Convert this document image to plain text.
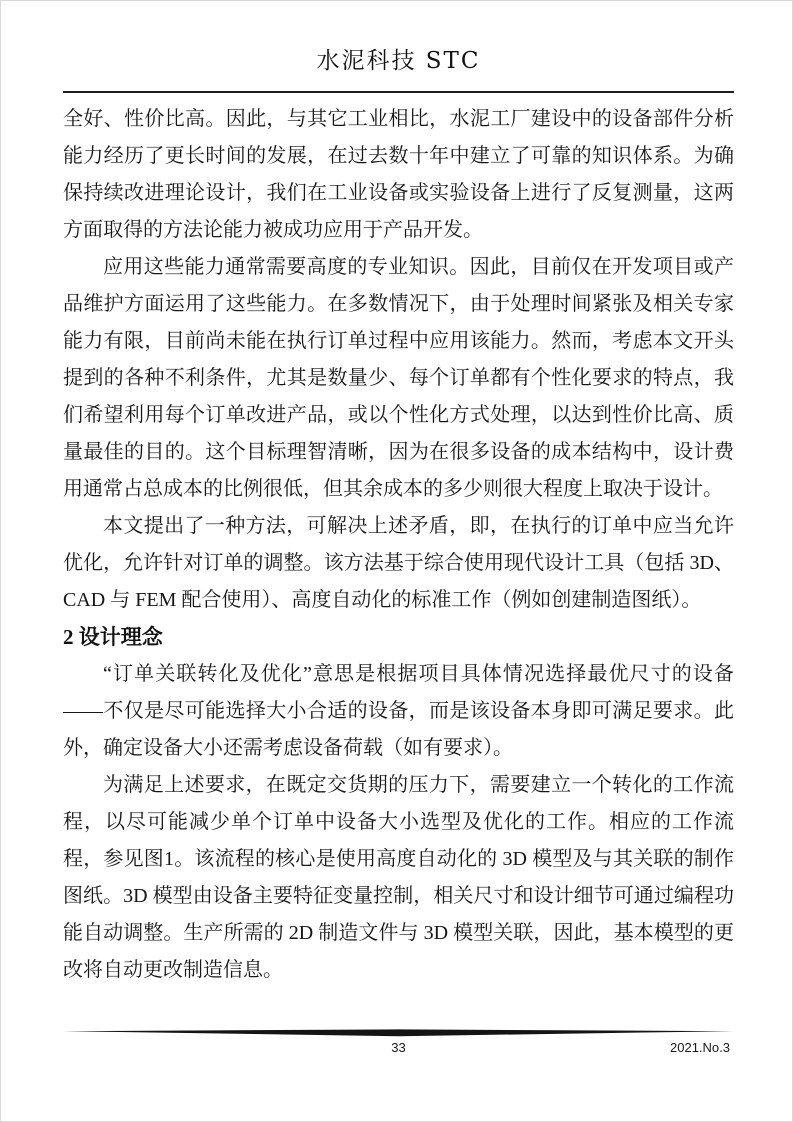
水泥科技 STC

全好、性价比高。因此，与其它工业相比，水泥工厂建设中的设备部件分析能力经历了更长时间的发展，在过去数十年中建立了可靠的知识体系。为确保持续改进理论设计，我们在工业设备或实验设备上进行了反复测量，这两方面取得的方法论能力被成功应用于产品开发。

应用这些能力通常需要高度的专业知识。因此，目前仅在开发项目或产品维护方面运用了这些能力。在多数情况下，由于处理时间紧张及相关专家能力有限，目前尚未能在执行订单过程中应用该能力。然而，考虑本文开头提到的各种不利条件，尤其是数量少、每个订单都有个性化要求的特点，我们希望利用每个订单改进产品，或以个性化方式处理，以达到性价比高、质量最佳的目的。这个目标理智清晰，因为在很多设备的成本结构中，设计费用通常占总成本的比例很低，但其余成本的多少则很大程度上取决于设计。

本文提出了一种方法，可解决上述矛盾，即，在执行的订单中应当允许优化，允许针对订单的调整。该方法基于综合使用现代设计工具（包括 3D、CAD 与 FEM 配合使用）、高度自动化的标准工作（例如创建制造图纸）。

2 设计理念

“订单关联转化及优化”意思是根据项目具体情况选择最优尺寸的设备——不仅是尽可能选择大小合适的设备，而是该设备本身即可满足要求。此外，确定设备大小还需考虑设备荷载（如有要求）。

为满足上述要求，在既定交货期的压力下，需要建立一个转化的工作流程，以尽可能减少单个订单中设备大小选型及优化的工作。相应的工作流程，参见图1。该流程的核心是使用高度自动化的 3D 模型及与其关联的制作图纸。3D 模型由设备主要特征变量控制，相关尺寸和设计细节可通过编程功能自动调整。生产所需的 2D 制造文件与 3D 模型关联，因此，基本模型的更改将自动更改制造信息。

33	2021.No.3
